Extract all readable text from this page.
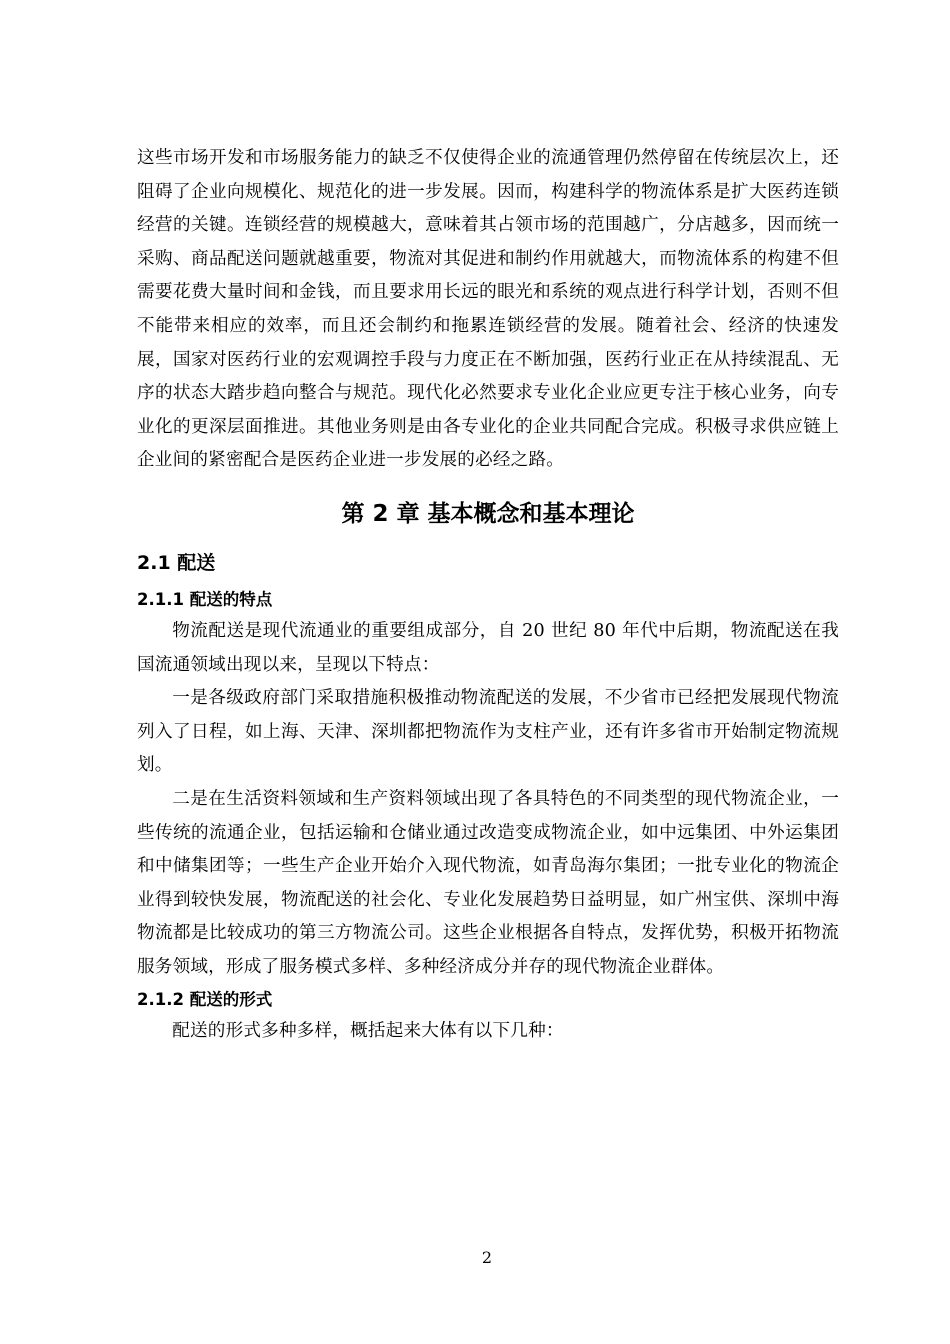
这些市场开发和市场服务能力的缺乏不仅使得企业的流通管理仍然停留在传统层次上，还阻碍了企业向规模化、规范化的进一步发展。因而，构建科学的物流体系是扩大医药连锁经营的关键。连锁经营的规模越大，意味着其占领市场的范围越广，分店越多，因而统一采购、商品配送问题就越重要，物流对其促进和制约作用就越大，而物流体系的构建不但需要花费大量时间和金钱，而且要求用长远的眼光和系统的观点进行科学计划，否则不但不能带来相应的效率，而且还会制约和拖累连锁经营的发展。随着社会、经济的快速发展，国家对医药行业的宏观调控手段与力度正在不断加强，医药行业正在从持续混乱、无序的状态大踏步趋向整合与规范。现代化必然要求专业化企业应更专注于核心业务，向专业化的更深层面推进。其他业务则是由各专业化的企业共同配合完成。积极寻求供应链上企业间的紧密配合是医药企业进一步发展的必经之路。

第 2 章 基本概念和基本理论
2.1 配送
2.1.1 配送的特点

物流配送是现代流通业的重要组成部分，自 20 世纪 80 年代中后期，物流配送在我国流通领域出现以来，呈现以下特点：

一是各级政府部门采取措施积极推动物流配送的发展，不少省市已经把发展现代物流列入了日程，如上海、天津、深圳都把物流作为支柱产业，还有许多省市开始制定物流规划。

二是在生活资料领域和生产资料领域出现了各具特色的不同类型的现代物流企业，一些传统的流通企业，包括运输和仓储业通过改造变成物流企业，如中远集团、中外运集团和中储集团等；一些生产企业开始介入现代物流，如青岛海尔集团；一批专业化的物流企业得到较快发展，物流配送的社会化、专业化发展趋势日益明显，如广州宝供、深圳中海物流都是比较成功的第三方物流公司。这些企业根据各自特点，发挥优势，积极开拓物流服务领域，形成了服务模式多样、多种经济成分并存的现代物流企业群体。

2.1.2 配送的形式

配送的形式多种多样，概括起来大体有以下几种：

2
